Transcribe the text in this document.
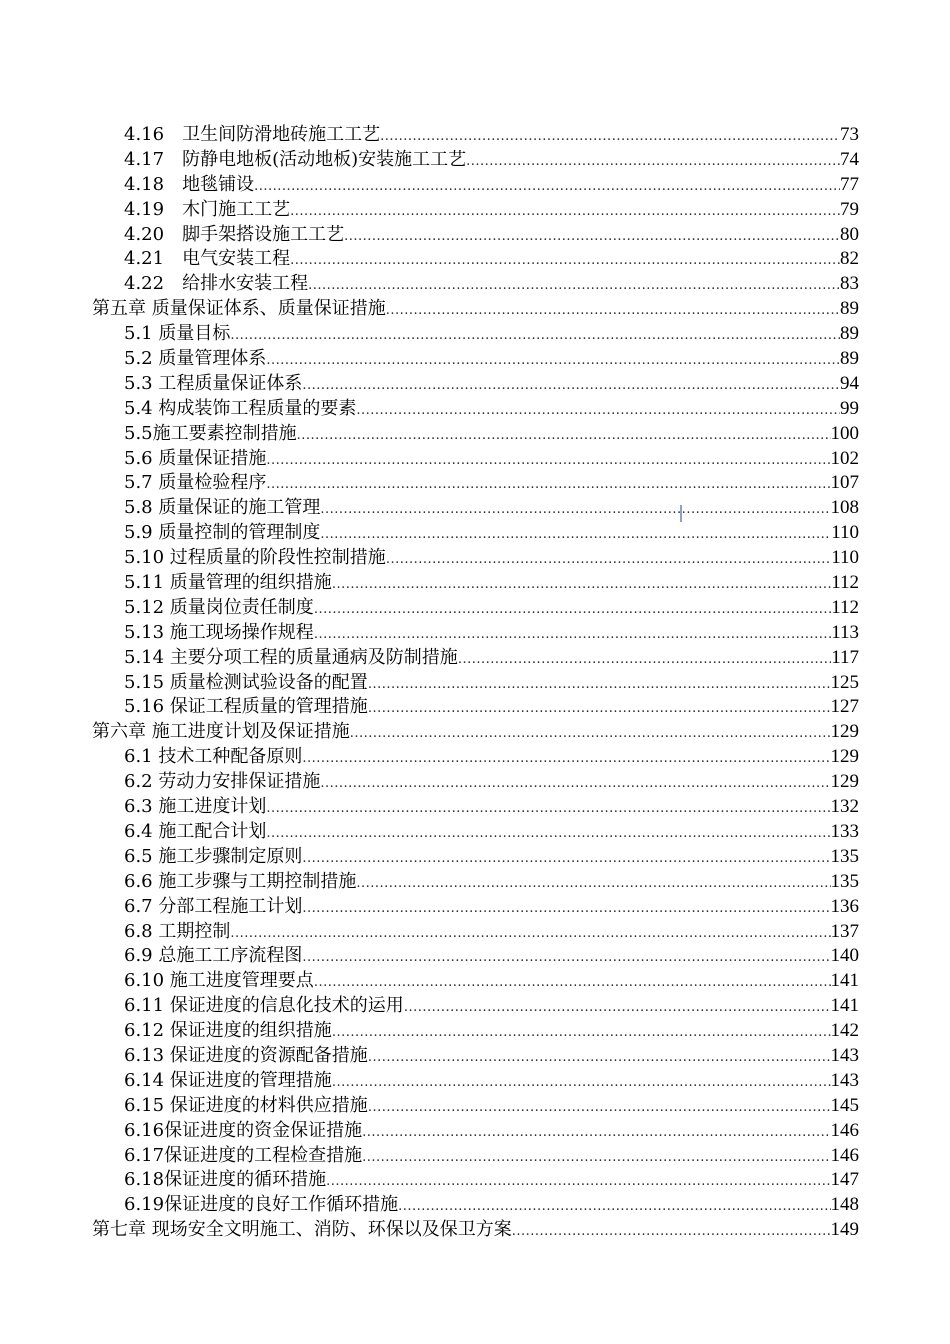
4.16　卫生间防滑地砖施工工艺 .....	73
4.17　防静电地板(活动地板)安装施工工艺 .....	74
4.18　地毯铺设 .....	77
4.19　木门施工工艺 .....	79
4.20　脚手架搭设施工工艺 .....	80
4.21　电气安装工程 .....	82
4.22　给排水安装工程 .....	83
第五章 质量保证体系、质量保证措施 .....	89
5.1 质量目标 .....	89
5.2 质量管理体系 .....	89
5.3 工程质量保证体系 .....	94
5.4 构成装饰工程质量的要素 .....	99
5.5施工要素控制措施 .....	100
5.6 质量保证措施 .....	102
5.7 质量检验程序 .....	107
5.8 质量保证的施工管理 .....	108
5.9 质量控制的管理制度 .....	110
5.10 过程质量的阶段性控制措施 .....	110
5.11 质量管理的组织措施 .....	112
5.12 质量岗位责任制度 .....	112
5.13 施工现场操作规程 .....	113
5.14 主要分项工程的质量通病及防制措施 .....	117
5.15 质量检测试验设备的配置 .....	125
5.16 保证工程质量的管理措施 .....	127
第六章 施工进度计划及保证措施 .....	129
6.1 技术工种配备原则 .....	129
6.2 劳动力安排保证措施 .....	129
6.3 施工进度计划 .....	132
6.4 施工配合计划 .....	133
6.5 施工步骤制定原则 .....	135
6.6 施工步骤与工期控制措施 .....	135
6.7 分部工程施工计划 .....	136
6.8 工期控制 .....	137
6.9 总施工工序流程图 .....	140
6.10 施工进度管理要点 .....	141
6.11 保证进度的信息化技术的运用 .....	141
6.12 保证进度的组织措施 .....	142
6.13 保证进度的资源配备措施 .....	143
6.14 保证进度的管理措施 .....	143
6.15 保证进度的材料供应措施 .....	145
6.16保证进度的资金保证措施 .....	146
6.17保证进度的工程检查措施 .....	146
6.18保证进度的循环措施 .....	147
6.19保证进度的良好工作循环措施 .....	148
第七章 现场安全文明施工、消防、环保以及保卫方案 .....	149
